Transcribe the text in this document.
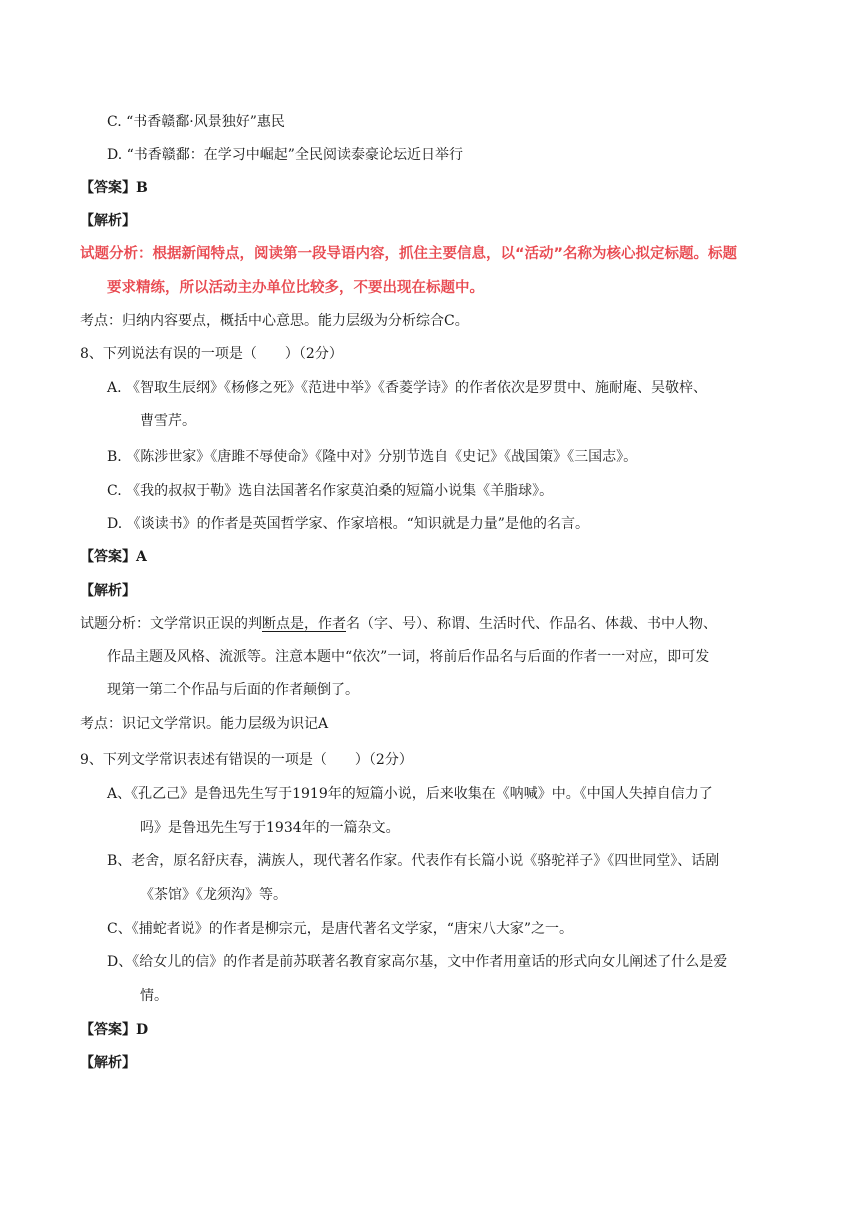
C. “书香赣鄱·风景独好”惠民
D. “书香赣鄱：在学习中崛起”全民阅读泰豪论坛近日举行
【答案】B
【解析】
试题分析：根据新闻特点，阅读第一段导语内容，抓住主要信息，以“活动”名称为核心拟定标题。标题
要求精练，所以活动主办单位比较多，不要出现在标题中。
考点：归纳内容要点，概括中心意思。能力层级为分析综合C。
8、下列说法有误的一项是（　　）（2分）
A. 《智取生辰纲》《杨修之死》《范进中举》《香菱学诗》的作者依次是罗贯中、施耐庵、吴敬梓、
曹雪芹。
B. 《陈涉世家》《唐雎不辱使命》《隆中对》分别节选自《史记》《战国策》《三国志》。
C. 《我的叔叔于勒》选自法国著名作家莫泊桑的短篇小说集《羊脂球》。
D. 《谈读书》的作者是英国哲学家、作家培根。“知识就是力量”是他的名言。
【答案】A
【解析】
试题分析：文学常识正误的判断点是，作者名（字、号）、称谓、生活时代、作品名、体裁、书中人物、
作品主题及风格、流派等。注意本题中“依次”一词，将前后作品名与后面的作者一一对应，即可发
现第一第二个作品与后面的作者颠倒了。
考点：识记文学常识。能力层级为识记A
9、下列文学常识表述有错误的一项是（　　）（2分）
A、《孔乙己》是鲁迅先生写于1919年的短篇小说，后来收集在《呐喊》中。《中国人失掉自信力了
吗》是鲁迅先生写于1934年的一篇杂文。
B、老舍，原名舒庆春，满族人，现代著名作家。代表作有长篇小说《骆驼祥子》《四世同堂》、话剧
《茶馆》《龙须沟》等。
C、《捕蛇者说》的作者是柳宗元，是唐代著名文学家，“唐宋八大家”之一。
D、《给女儿的信》的作者是前苏联著名教育家高尔基，文中作者用童话的形式向女儿阐述了什么是爱
情。
【答案】D
【解析】
